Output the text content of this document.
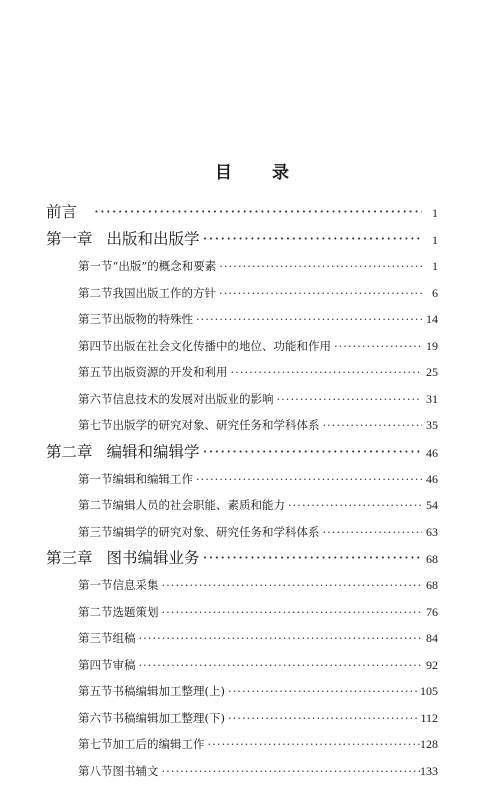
目 录
前言 ·····	1
第一章 出版和出版学 ·····	1
第一节 “出版”的概念和要素 ·····	1
第二节 我国出版工作的方针 ·····	6
第三节 出版物的特殊性 ·····	14
第四节 出版在社会文化传播中的地位、功能和作用 ·····	19
第五节 出版资源的开发和利用 ·····	25
第六节 信息技术的发展对出版业的影响 ·····	31
第七节 出版学的研究对象、研究任务和学科体系 ·····	35
第二章 编辑和编辑学 ·····	46
第一节 编辑和编辑工作 ·····	46
第二节 编辑人员的社会职能、素质和能力 ·····	54
第三节 编辑学的研究对象、研究任务和学科体系 ·····	63
第三章 图书编辑业务 ·····	68
第一节 信息采集 ·····	68
第二节 选题策划 ·····	76
第三节 组稿 ·····	84
第四节 审稿 ·····	92
第五节 书稿编辑加工整理(上) ·····	105
第六节 书稿编辑加工整理(下) ·····	112
第七节 加工后的编辑工作 ·····	128
第八节 图书辅文 ·····	133
